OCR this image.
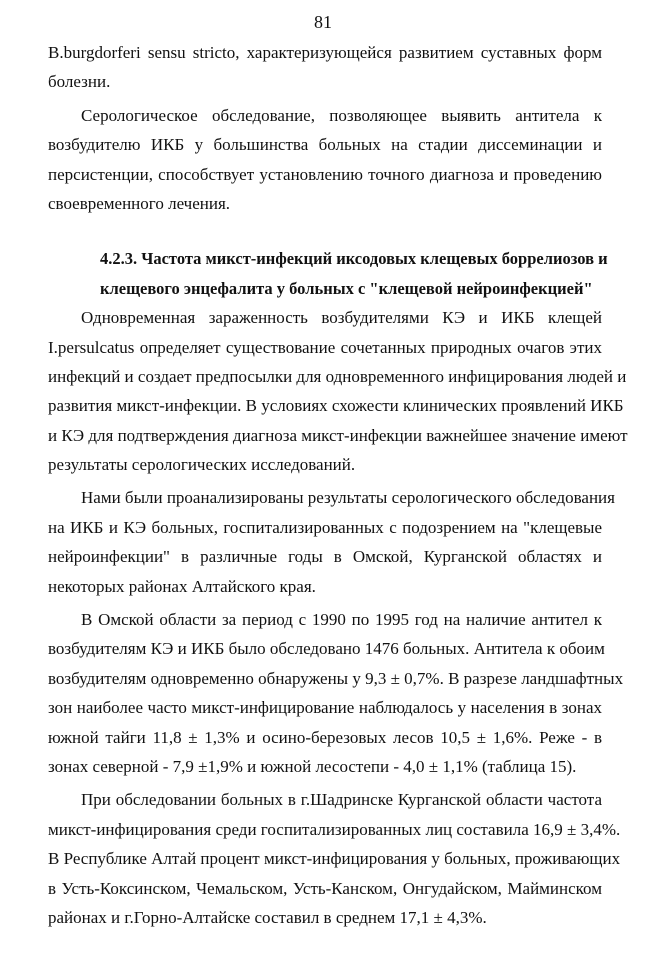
81
B.burgdorferi sensu stricto, характеризующейся развитием суставных форм
болезни.
Серологическое обследование, позволяющее выявить антитела к
возбудителю ИКБ у большинства больных на стадии диссеминации и
персистенции, способствует установлению точного диагноза и проведению
своевременного лечения.
4.2.3. Частота микст-инфекций иксодовых клещевых боррелиозов и
клещевого энцефалита у больных с "клещевой нейроинфекцией"
Одновременная зараженность возбудителями КЭ и ИКБ клещей
I.persulcatus определяет существование сочетанных природных очагов этих
инфекций и создает предпосылки для одновременного инфицирования людей и
развития микст-инфекции. В условиях схожести клинических проявлений ИКБ
и КЭ для подтверждения диагноза микст-инфекции важнейшее значение имеют
результаты серологических исследований.
Нами были проанализированы результаты серологического обследования
на ИКБ и КЭ больных, госпитализированных с подозрением на "клещевые
нейроинфекции" в различные годы в Омской, Курганской областях и
некоторых районах Алтайского края.
В Омской области за период с 1990 по 1995 год на наличие антител к
возбудителям КЭ и ИКБ было обследовано 1476 больных. Антитела к обоим
возбудителям одновременно обнаружены у 9,3 ± 0,7%. В разрезе ландшафтных
зон наиболее часто микст-инфицирование наблюдалось у населения в зонах
южной тайги 11,8 ± 1,3% и осино-березовых лесов 10,5 ± 1,6%. Реже - в
зонах северной - 7,9 ±1,9% и южной лесостепи - 4,0 ± 1,1% (таблица 15).
При обследовании больных в г.Шадринске Курганской области частота
микст-инфицирования среди госпитализированных лиц составила 16,9 ± 3,4%.
В Республике Алтай процент микст-инфицирования у больных, проживающих
в Усть-Коксинском, Чемальском, Усть-Канском, Онгудайском, Майминском
районах и г.Горно-Алтайске составил в среднем 17,1 ± 4,3%.
